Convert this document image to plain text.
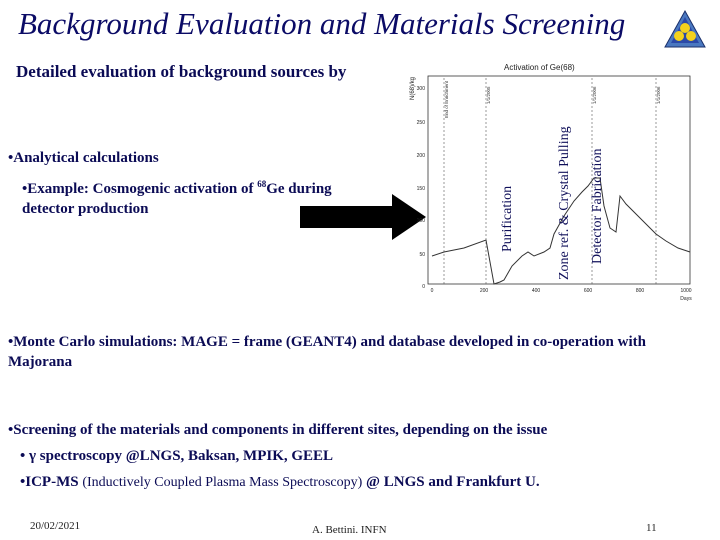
Background Evaluation and Materials Screening
Detailed evaluation of background sources by
•Analytical calculations
•Example: Cosmogenic activation of $^{68}$Ge during
detector production
Activation of Ge(68)
N(68)/kg 300
250
200
150
100
50
0
0	200	400	600	800	1000
Days
End of Enrichment	1/1/2005	1/1/2006	1/1/2006
Purification	Zone ref. & Crystal Pulling Detector Fabrication
•Monte Carlo simulations: MAGE = frame (GEANT4) and database developed in co-operation with Majorana
•Screening of the materials and components in different sites, depending on the issue
• γ spectroscopy @LNGS, Baksan, MPIK, GEEL
•ICP-MS (Inductively Coupled Plasma Mass Spectroscopy) @ LNGS and Frankfurt U.
20/02/2021	A. Bettini. INFN	11
